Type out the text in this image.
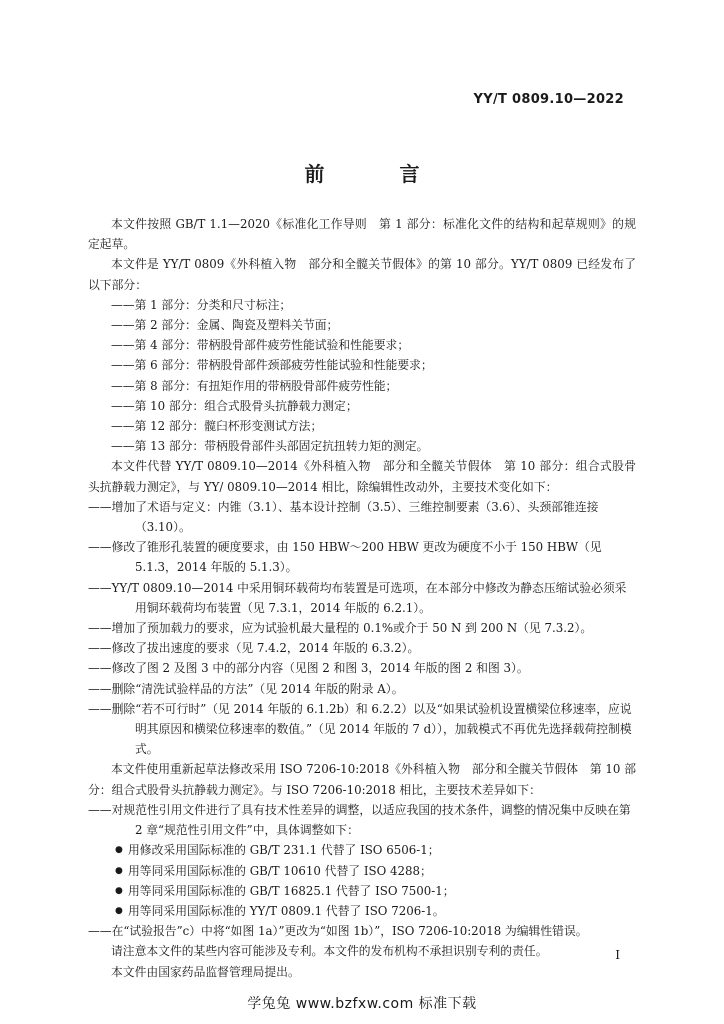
YY/T 0809.10—2022
前 言

本文件按照 GB/T 1.1—2020《标准化工作导则　第 1 部分：标准化文件的结构和起草规则》的规定起草。

本文件是 YY/T 0809《外科植入物　部分和全髋关节假体》的第 10 部分。YY/T 0809 已经发布了以下部分：

——第 1 部分：分类和尺寸标注；

——第 2 部分：金属、陶瓷及塑料关节面；

——第 4 部分：带柄股骨部件疲劳性能试验和性能要求；

——第 6 部分：带柄股骨部件颈部疲劳性能试验和性能要求；

——第 8 部分：有扭矩作用的带柄股骨部件疲劳性能；

——第 10 部分：组合式股骨头抗静载力测定；

——第 12 部分：髋臼杯形变测试方法；

——第 13 部分：带柄股骨部件头部固定抗扭转力矩的测定。

本文件代替 YY/T 0809.10—2014《外科植入物　部分和全髋关节假体　第 10 部分：组合式股骨头抗静载力测定》，与 YY/ 0809.10—2014 相比，除编辑性改动外，主要技术变化如下：

——增加了术语与定义：内锥（3.1）、基本设计控制（3.5）、三维控制要素（3.6）、头颈部锥连接（3.10）。

——修改了锥形孔装置的硬度要求，由 150 HBW～200 HBW 更改为硬度不小于 150 HBW（见 5.1.3，2014 年版的 5.1.3）。

——YY/T 0809.10—2014 中采用铜环载荷均布装置是可选项，在本部分中修改为静态压缩试验必须采用铜环载荷均布装置（见 7.3.1，2014 年版的 6.2.1）。

——增加了预加载力的要求，应为试验机最大量程的 0.1%或介于 50 N 到 200 N（见 7.3.2）。

——修改了拔出速度的要求（见 7.4.2，2014 年版的 6.3.2）。

——修改了图 2 及图 3 中的部分内容（见图 2 和图 3，2014 年版的图 2 和图 3）。

——删除“清洗试验样品的方法”（见 2014 年版的附录 A）。

——删除“若不可行时”（见 2014 年版的 6.1.2b）和 6.2.2）以及“如果试验机设置横梁位移速率，应说明其原因和横梁位移速率的数值。”（见 2014 年版的 7 d）），加载模式不再优先选择载荷控制模式。

本文件使用重新起草法修改采用 ISO 7206-10:2018《外科植入物　部分和全髋关节假体　第 10 部分：组合式股骨头抗静载力测定》。与 ISO 7206-10:2018 相比，主要技术差异如下：

——对规范性引用文件进行了具有技术性差异的调整，以适应我国的技术条件，调整的情况集中反映在第 2 章“规范性引用文件”中，具体调整如下：

● 用修改采用国际标准的 GB/T 231.1 代替了 ISO 6506-1；

● 用等同采用国际标准的 GB/T 10610 代替了 ISO 4288；

● 用等同采用国际标准的 GB/T 16825.1 代替了 ISO 7500-1；

● 用等同采用国际标准的 YY/T 0809.1 代替了 ISO 7206-1。

——在“试验报告”c）中将“如图 1a）”更改为“如图 1b）”，ISO 7206-10:2018 为编辑性错误。

请注意本文件的某些内容可能涉及专利。本文件的发布机构不承担识别专利的责任。

本文件由国家药品监督管理局提出。

I
学兔兔 www.bzfxw.com 标准下载
